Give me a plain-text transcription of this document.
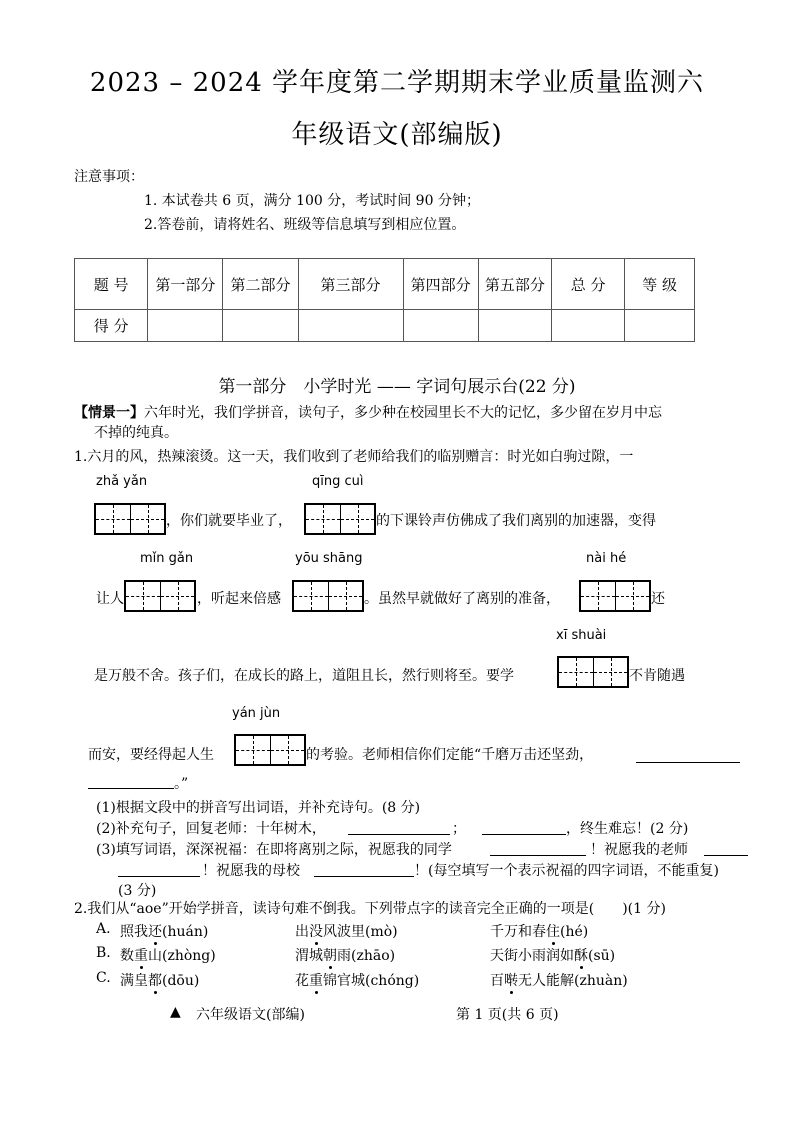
2023 – 2024 学年度第二学期期末学业质量监测六
年级语文(部编版)
注意事项：
1. 本试卷共 6 页，满分 100 分，考试时间 90 分钟；
2.答卷前，请将姓名、班级等信息填写到相应位置。
题 号	第一部分	第二部分	第三部分	第四部分	第五部分	总 分	等 级
得 分							
第一部分　小学时光 —— 字词句展示台(22 分)
【情景一】六年时光，我们学拼音，读句子，多少种在校园里长不大的记忆，多少留在岁月中忘
不掉的纯真。
1.六月的风，热辣滚烫。这一天，我们收到了老师给我们的临别赠言：时光如白驹过隙，一
zhǎ yǎn
，你们就要毕业了，
qīng cuì
的下课铃声仿佛成了我们离别的加速器，变得
mǐn gǎn
让人	，听起来倍感
yōu shāng
。虽然早就做好了离别的准备，
nài hé
还
xī shuài
是万般不舍。孩子们，在成长的路上，道阻且长，然行则将至。要学	不肯随遇
yán jùn
而安，要经得起人生	的考验。老师相信你们定能“千磨万击还坚劲，
。”
(1)根据文段中的拼音写出词语，并补充诗句。(8 分)
(2)补充句子，回复老师：十年树木，	；	，终生难忘！(2 分)
(3)填写词语，深深祝福：在即将离别之际，祝愿我的同学	！祝愿我的老师
！祝愿我的母校	！(每空填写一个表示祝福的四字词语，不能重复)
(3 分)
2.我们从“aoe”开始学拼音，读诗句难不倒我。下列带点字的读音完全正确的一项是(　　)(1 分)
A. 照我还(huán)	出没风波里(mò)	千万和春住(hé)
B. 数重山(zhòng)	渭城朝雨(zhāo)	天街小雨润如酥(sū)
C. 满皇都(dōu)	花重锦官城(chóng)	百啭无人能解(zhuàn)
▲ 六年级语文(部编)	第 1 页(共 6 页)
